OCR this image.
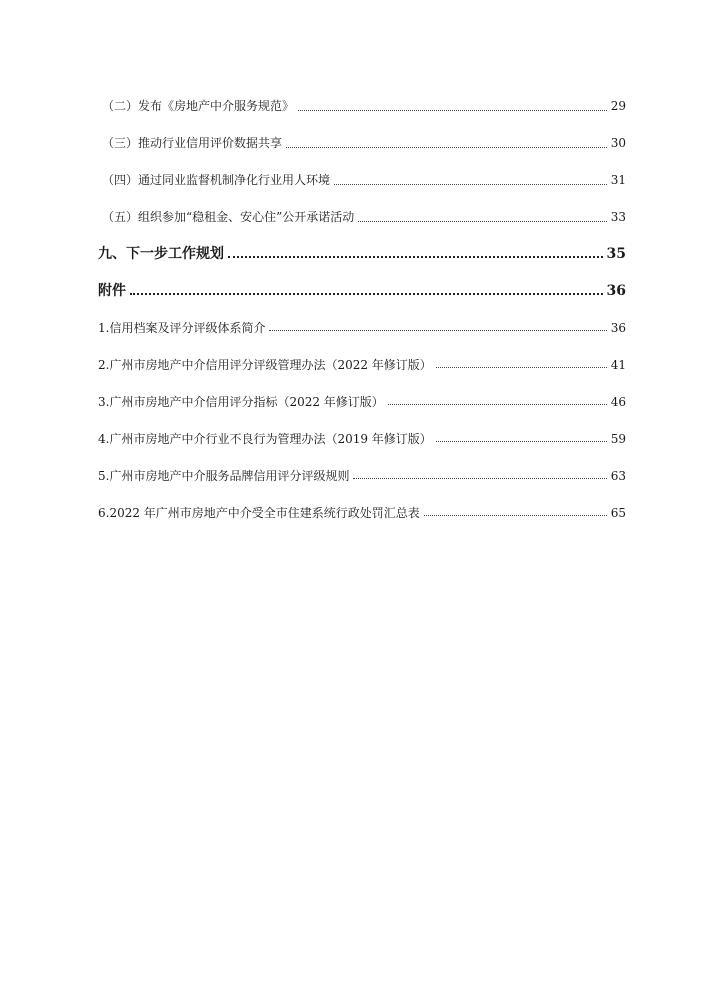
（二）发布《房地产中介服务规范》	29
（三）推动行业信用评价数据共享	30
（四）通过同业监督机制净化行业用人环境	31
（五）组织参加“稳租金、安心住”公开承诺活动	33
九、下一步工作规划	35
附件	36
1.信用档案及评分评级体系简介	36
2.广州市房地产中介信用评分评级管理办法（2022 年修订版）	41
3.广州市房地产中介信用评分指标（2022 年修订版）	46
4.广州市房地产中介行业不良行为管理办法（2019 年修订版）	59
5.广州市房地产中介服务品牌信用评分评级规则	63
6.2022 年广州市房地产中介受全市住建系统行政处罚汇总表	65
